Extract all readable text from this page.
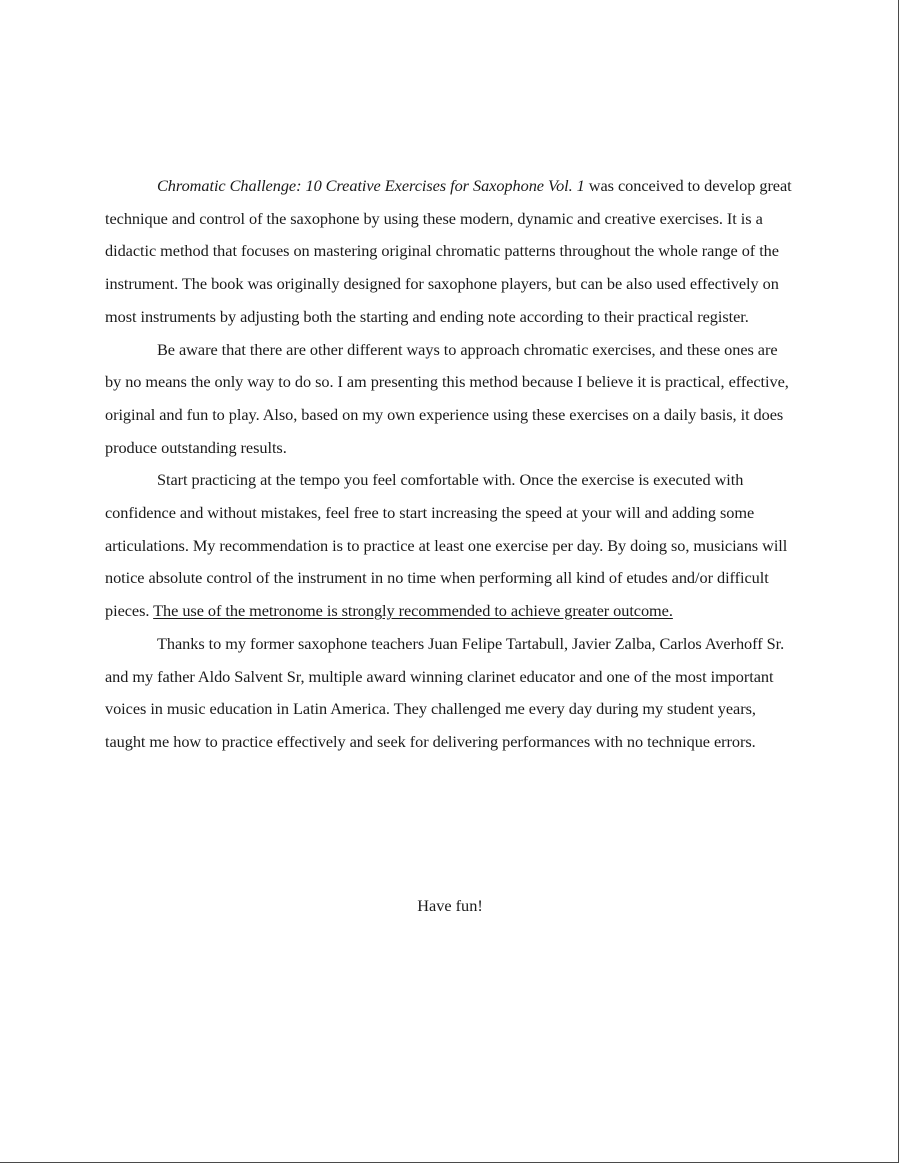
Chromatic Challenge: 10 Creative Exercises for Saxophone Vol. 1 was conceived to develop great technique and control of the saxophone by using these modern, dynamic and creative exercises. It is a didactic method that focuses on mastering original chromatic patterns throughout the whole range of the instrument. The book was originally designed for saxophone players, but can be also used effectively on most instruments by adjusting both the starting and ending note according to their practical register.

Be aware that there are other different ways to approach chromatic exercises, and these ones are by no means the only way to do so. I am presenting this method because I believe it is practical, effective, original and fun to play. Also, based on my own experience using these exercises on a daily basis, it does produce outstanding results.

Start practicing at the tempo you feel comfortable with. Once the exercise is executed with confidence and without mistakes, feel free to start increasing the speed at your will and adding some articulations. My recommendation is to practice at least one exercise per day. By doing so, musicians will notice absolute control of the instrument in no time when performing all kind of etudes and/or difficult pieces. The use of the metronome is strongly recommended to achieve greater outcome.

Thanks to my former saxophone teachers Juan Felipe Tartabull, Javier Zalba, Carlos Averhoff Sr. and my father Aldo Salvent Sr, multiple award winning clarinet educator and one of the most important voices in music education in Latin America. They challenged me every day during my student years, taught me how to practice effectively and seek for delivering performances with no technique errors.

Have fun!
